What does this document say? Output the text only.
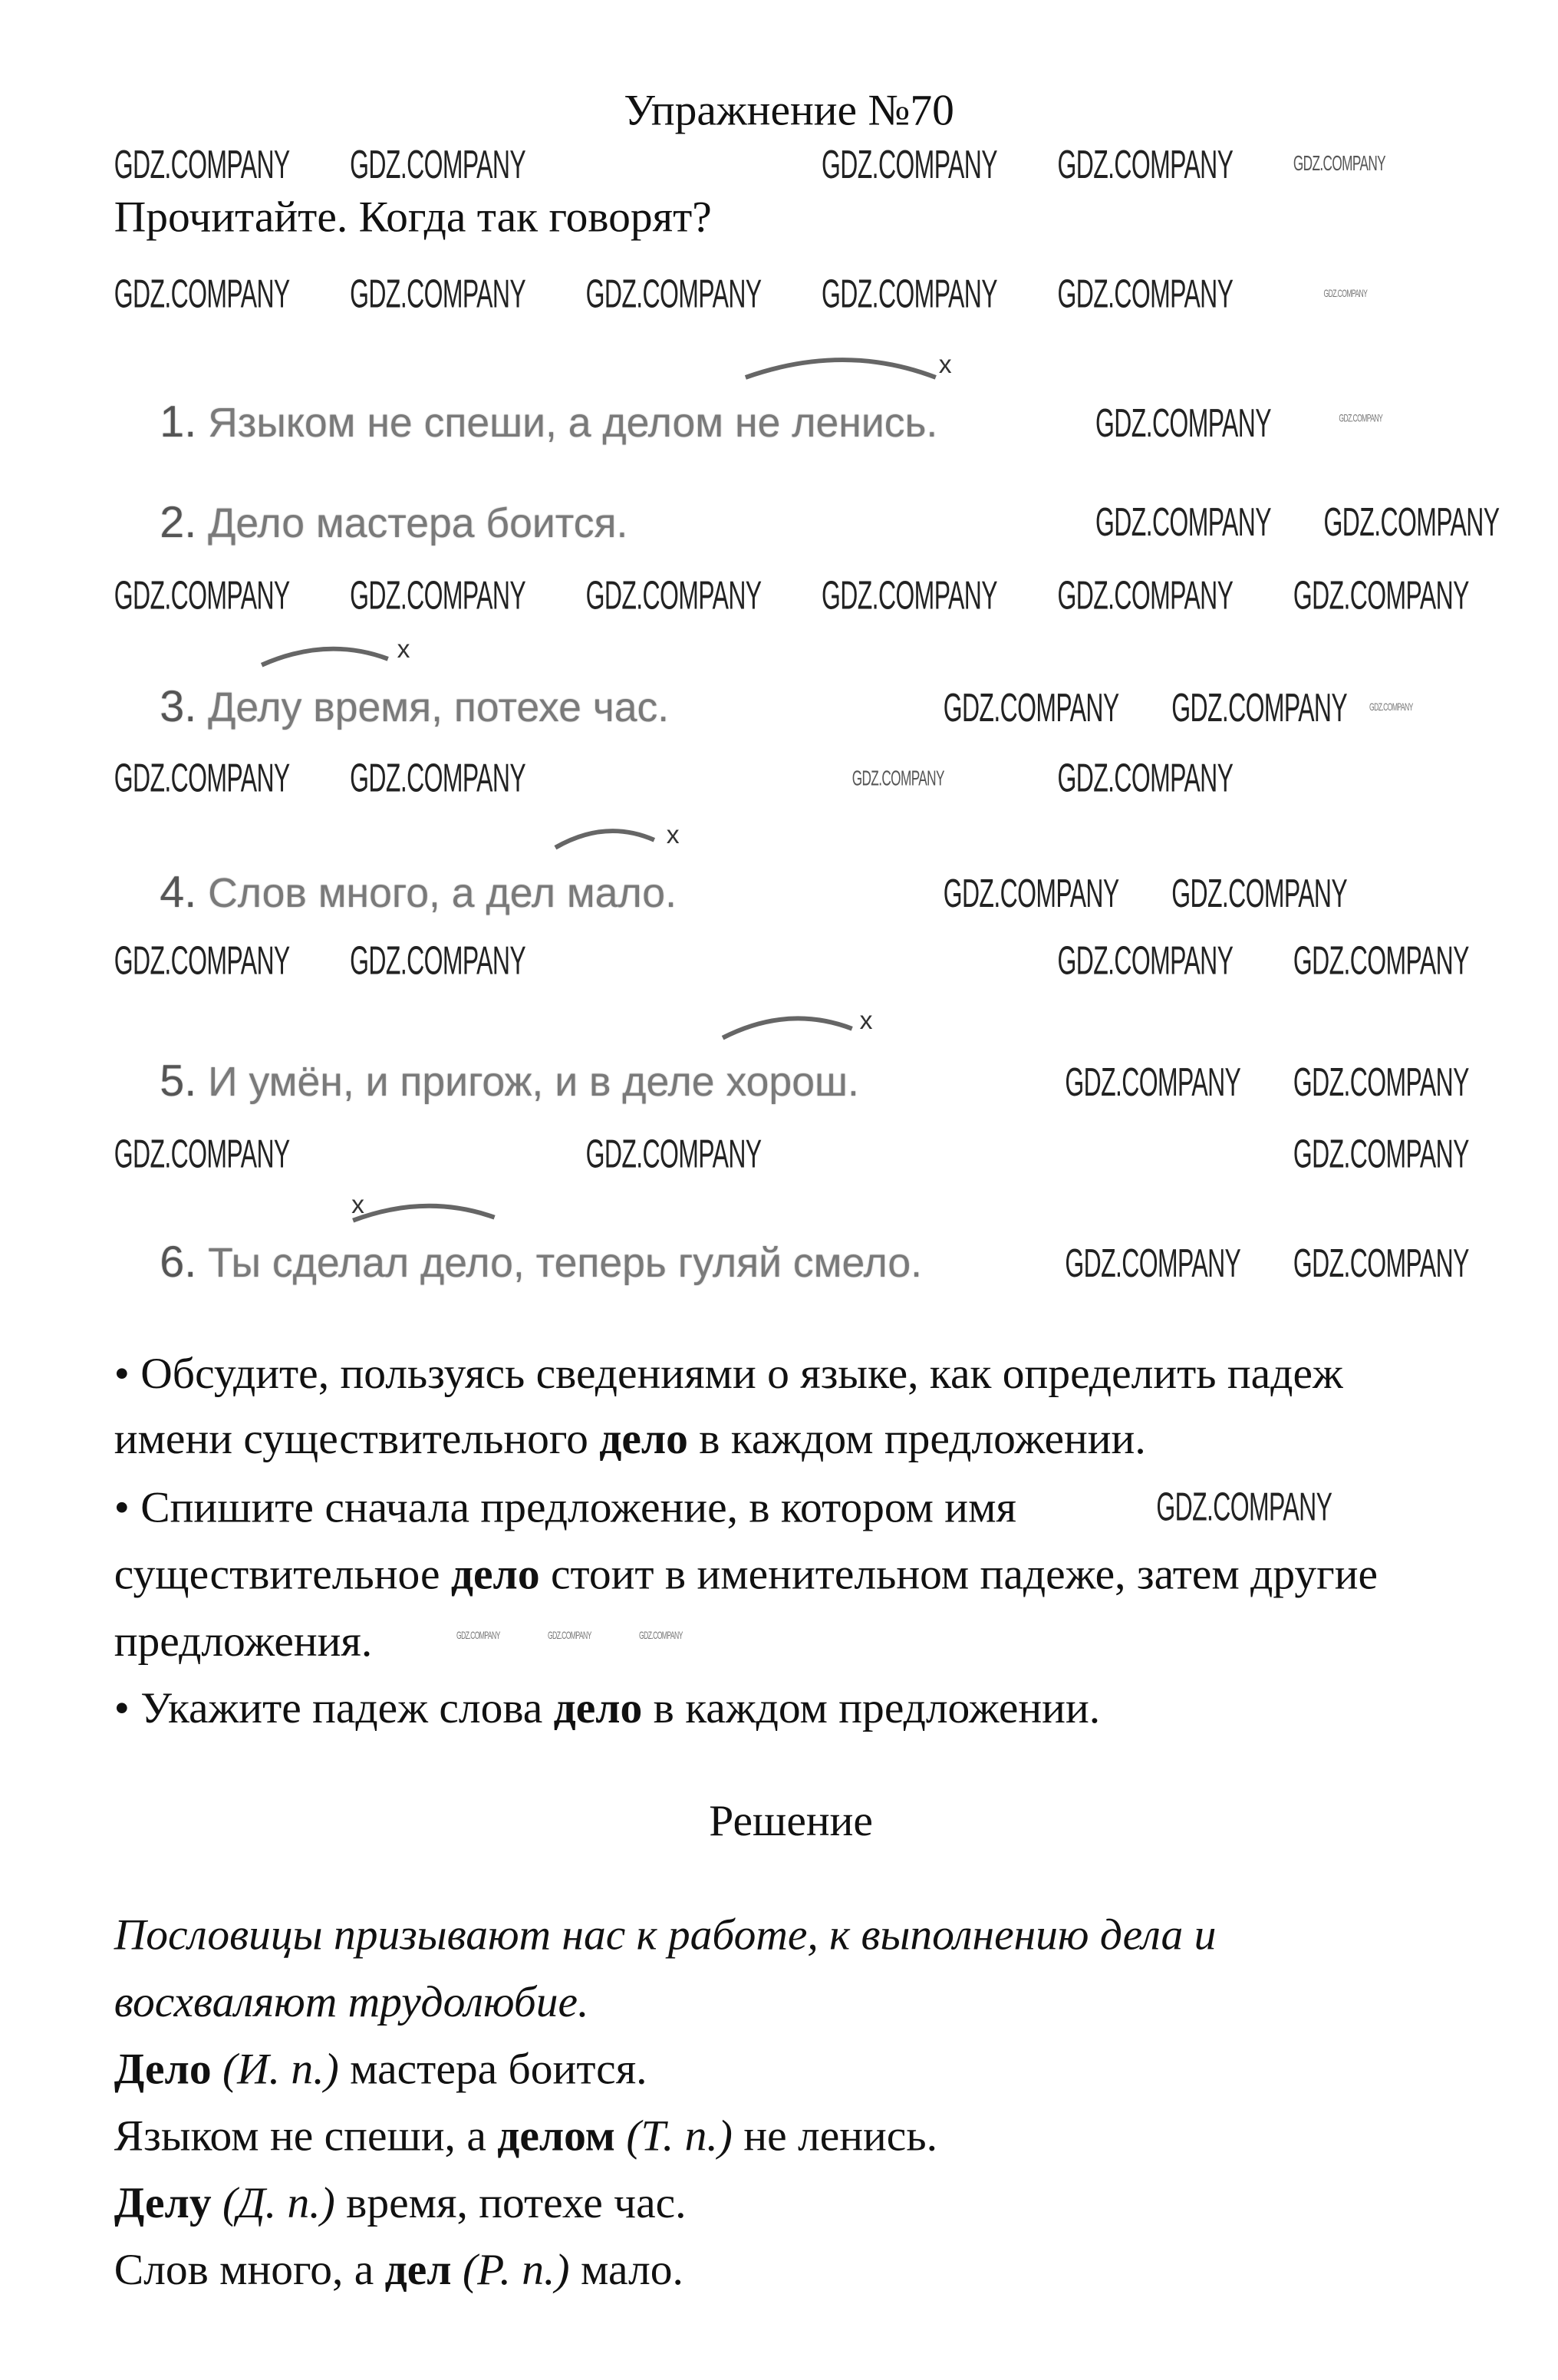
Упражнение №70
Прочитайте. Когда так говорят?
1. Языком не спеши, а делом не ленись.
2. Дело мастера боится.
3. Делу время, потехе час.
4. Слов много, а дел мало.
5. И умён, и пригож, и в деле хорош.
6. Ты сделал дело, теперь гуляй смело.
x
x
x
x
x
• Обсудите, пользуясь сведениями о языке, как определить падеж
имени существительного дело в каждом предложении.
• Спишите сначала предложение, в котором имя
существительное дело стоит в именительном падеже, затем другие
предложения.
• Укажите падеж слова дело в каждом предложении.
Решение
Пословицы призывают нас к работе, к выполнению дела и
восхваляют трудолюбие.
Дело (И. п.) мастера боится.
Языком не спеши, а делом (Т. п.) не ленись.
Делу (Д. п.) время, потехе час.
Слов много, а дел (Р. п.) мало.
GDZ.COMPANY	GDZ.COMPANY	GDZ.COMPANY	GDZ.COMPANY
GDZ.COMPANY
GDZ.COMPANY	GDZ.COMPANY	GDZ.COMPANY
GDZ.COMPANY	GDZ.COMPANY	GDZ.COMPANY
GDZ.COMPANY
GDZ.COMPANY	GDZ.COMPANY
GDZ.COMPANY
GDZ.COMPANY
GDZ.COMPANY	GDZ.COMPANY	GDZ.COMPANY	GDZ.COMPANY	GDZ.COMPANY
GDZ.COMPANY	GDZ.COMPANY
GDZ.COMPANY
GDZ.COMPANY	GDZ.COMPANY	GDZ.COMPANY	GDZ.COMPANY
GDZ.COMPANY	GDZ.COMPANY
GDZ.COMPANY	GDZ.COMPANY	GDZ.COMPANY	GDZ.COMPANY
GDZ.COMPANY	GDZ.COMPANY
GDZ.COMPANY	GDZ.COMPANY	GDZ.COMPANY
GDZ.COMPANY	GDZ.COMPANY
GDZ.COMPANY
GDZ.COMPANY	GDZ.COMPANY	GDZ.COMPANY
